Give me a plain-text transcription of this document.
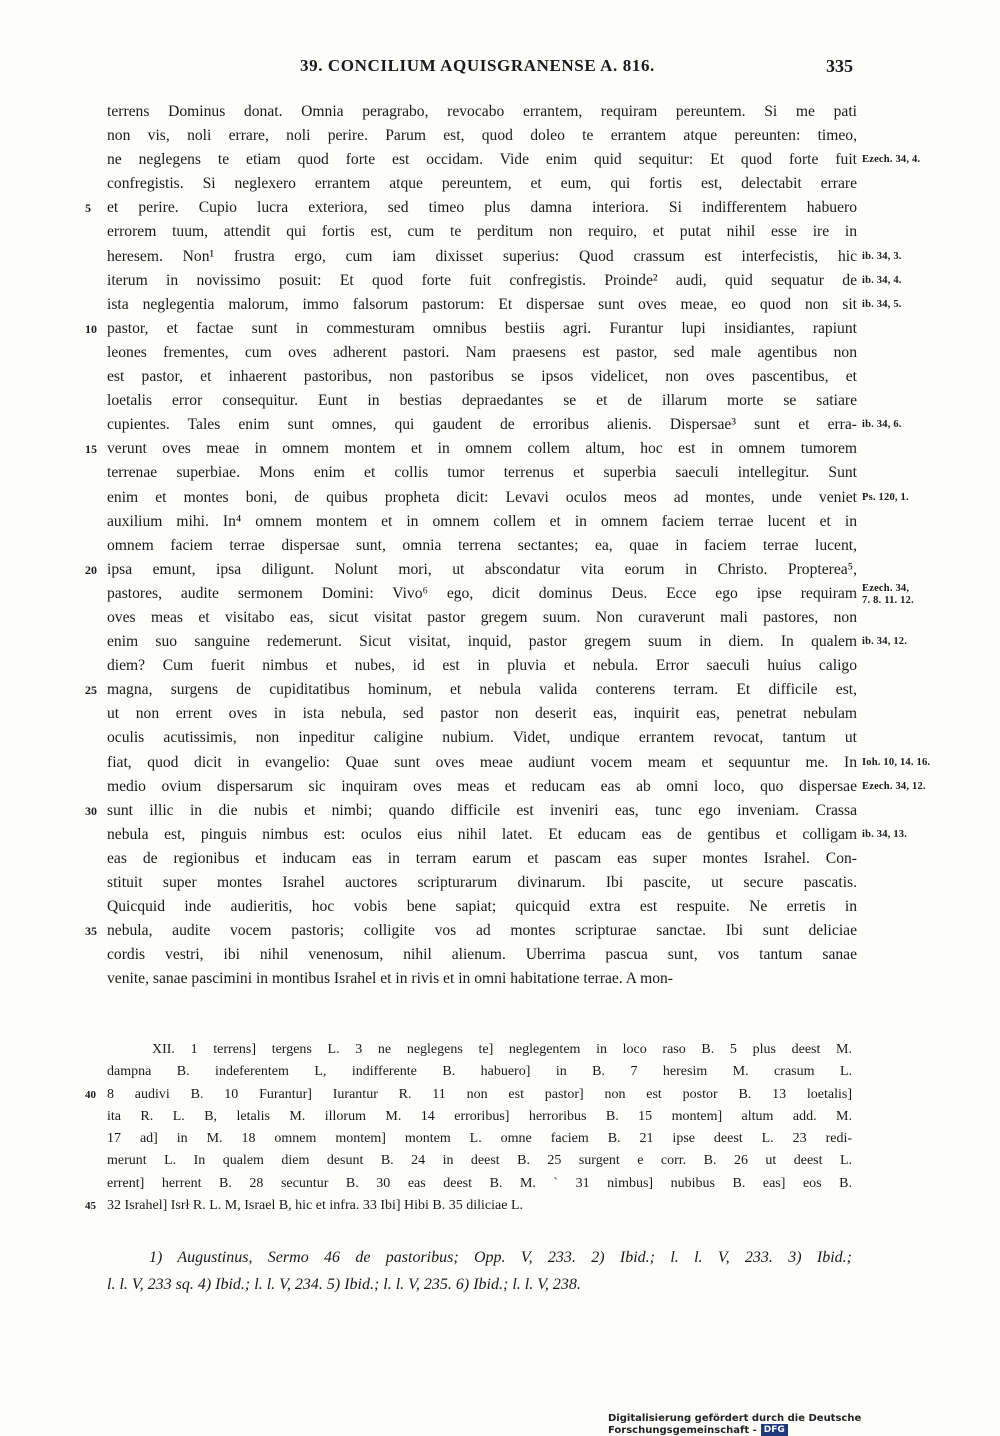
39. CONCILIUM AQUISGRANENSE A. 816.	335
terrens Dominus donat. Omnia peragrabo, revocabo errantem, requiram pereuntem. Si me pati
non vis, noli errare, noli perire. Parum est, quod doleo te errantem atque pereunten: timeo,
ne neglegens te etiam quod forte est occidam. Vide enim quid sequitur: Et quod forte fuit Ezech. 34, 4.
confregistis. Si neglexero errantem atque pereuntem, et eum, qui fortis est, delectabit errare
5	et perire. Cupio lucra exteriora, sed timeo plus damna interiora. Si indifferentem habuero
errorem tuum, attendit qui fortis est, cum te perditum non requiro, et putat nihil esse ire in
heresem. Non¹ frustra ergo, cum iam dixisset superius: Quod crassum est interfecistis, hic ib. 34, 3.
iterum in novissimo posuit: Et quod forte fuit confregistis. Proinde² audi, quid sequatur de ib. 34, 4.
ista neglegentia malorum, immo falsorum pastorum: Et dispersae sunt oves meae, eo quod non sit ib. 34, 5.
10 pastor, et factae sunt in commesturam omnibus bestiis agri. Furantur lupi insidiantes, rapiunt
leones frementes, cum oves adherent pastori. Nam praesens est pastor, sed male agentibus non
est pastor, et inhaerent pastoribus, non pastoribus se ipsos videlicet, non oves pascentibus, et
loetalis error consequitur. Eunt in bestias depraedantes se et de illarum morte se satiare
cupientes. Tales enim sunt omnes, qui gaudent de erroribus alienis. Dispersae³ sunt et erra- ib. 34, 6.
15 verunt oves meae in omnem montem et in omnem collem altum, hoc est in omnem tumorem
terrenae superbiae. Mons enim et collis tumor terrenus et superbia saeculi intellegitur. Sunt
enim et montes boni, de quibus propheta dicit: Levavi oculos meos ad montes, unde veniet Ps. 120, 1.
auxilium mihi. In⁴ omnem montem et in omnem collem et in omnem faciem terrae lucent et in
omnem faciem terrae dispersae sunt, omnia terrena sectantes; ea, quae in faciem terrae lucent,
20 ipsa emunt, ipsa diligunt. Nolunt mori, ut abscondatur vita eorum in Christo. Propterea⁵,
pastores, audite sermonem Domini: Vivo⁶ ego, dicit dominus Deus. Ecce ego ipse requiram Ezech. 34,
7. 8. 11. 12.
oves meas et visitabo eas, sicut visitat pastor gregem suum. Non curaverunt mali pastores, non
enim suo sanguine redemerunt. Sicut visitat, inquid, pastor gregem suum in diem. In qualem ib. 34, 12.
diem? Cum fuerit nimbus et nubes, id est in pluvia et nebula. Error saeculi huius caligo
25 magna, surgens de cupiditatibus hominum, et nebula valida conterens terram. Et difficile est,
ut non errent oves in ista nebula, sed pastor non deserit eas, inquirit eas, penetrat nebulam
oculis acutissimis, non inpeditur caligine nubium. Videt, undique errantem revocat, tantum ut
fiat, quod dicit in evangelio: Quae sunt oves meae audiunt vocem meam et sequuntur me. In Ioh. 10, 14. 16.
medio ovium dispersarum sic inquiram oves meas et reducam eas ab omni loco, quo dispersae Ezech. 34, 12.
30 sunt illic in die nubis et nimbi; quando difficile est inveniri eas, tunc ego inveniam. Crassa
nebula est, pinguis nimbus est: oculos eius nihil latet. Et educam eas de gentibus et colligam ib. 34, 13.
eas de regionibus et inducam eas in terram earum et pascam eas super montes Israhel. Con-
stituit super montes Israhel auctores scripturarum divinarum. Ibi pascite, ut secure pascatis.
Quicquid inde audieritis, hoc vobis bene sapiat; quicquid extra est respuite. Ne erretis in
35 nebula, audite vocem pastoris; colligite vos ad montes scripturae sanctae. Ibi sunt deliciae
cordis vestri, ibi nihil venenosum, nihil alienum. Uberrima pascua sunt, vos tantum sanae
venite, sanae pascimini in montibus Israhel et in rivis et in omni habitatione terrae. A mon-
XII. 1 terrens] tergens L. 3 ne neglegens te] neglegentem in loco raso B. 5 plus deest M.
dampna B. indeferentem L, indifferente B. habuero] in B. 7 heresim M. crasum L.
40 8 audivi B. 10 Furantur] Iurantur R. 11 non est pastor] non est postor B. 13 loetalis]
ita R. L. B, letalis M. illorum M. 14 erroribus] herroribus B. 15 montem] altum add. M.
17 ad] in M. 18 omnem montem] montem L. omne faciem B. 21 ipse deest L. 23 redi-
merunt L. In qualem diem desunt B. 24 in deest B. 25 surgent e corr. B. 26 ut deest L.
errent] herrent B. 28 secuntur B. 30 eas deest B. M. ` 31 nimbus] nubibus B. eas] eos B.
45 32 Israhel] Isrł R. L. M, Israel B, hic et infra. 33 Ibi] Hibi B. 35 diliciae L.
1) Augustinus, Sermo 46 de pastoribus; Opp. V, 233. 2) Ibid.; l. l. V, 233. 3) Ibid.;
l. l. V, 233 sq. 4) Ibid.; l. l. V, 234. 5) Ibid.; l. l. V, 235. 6) Ibid.; l. l. V, 238.
Digitalisierung gefördert durch die Deutsche Forschungsgemeinschaft - DFG
